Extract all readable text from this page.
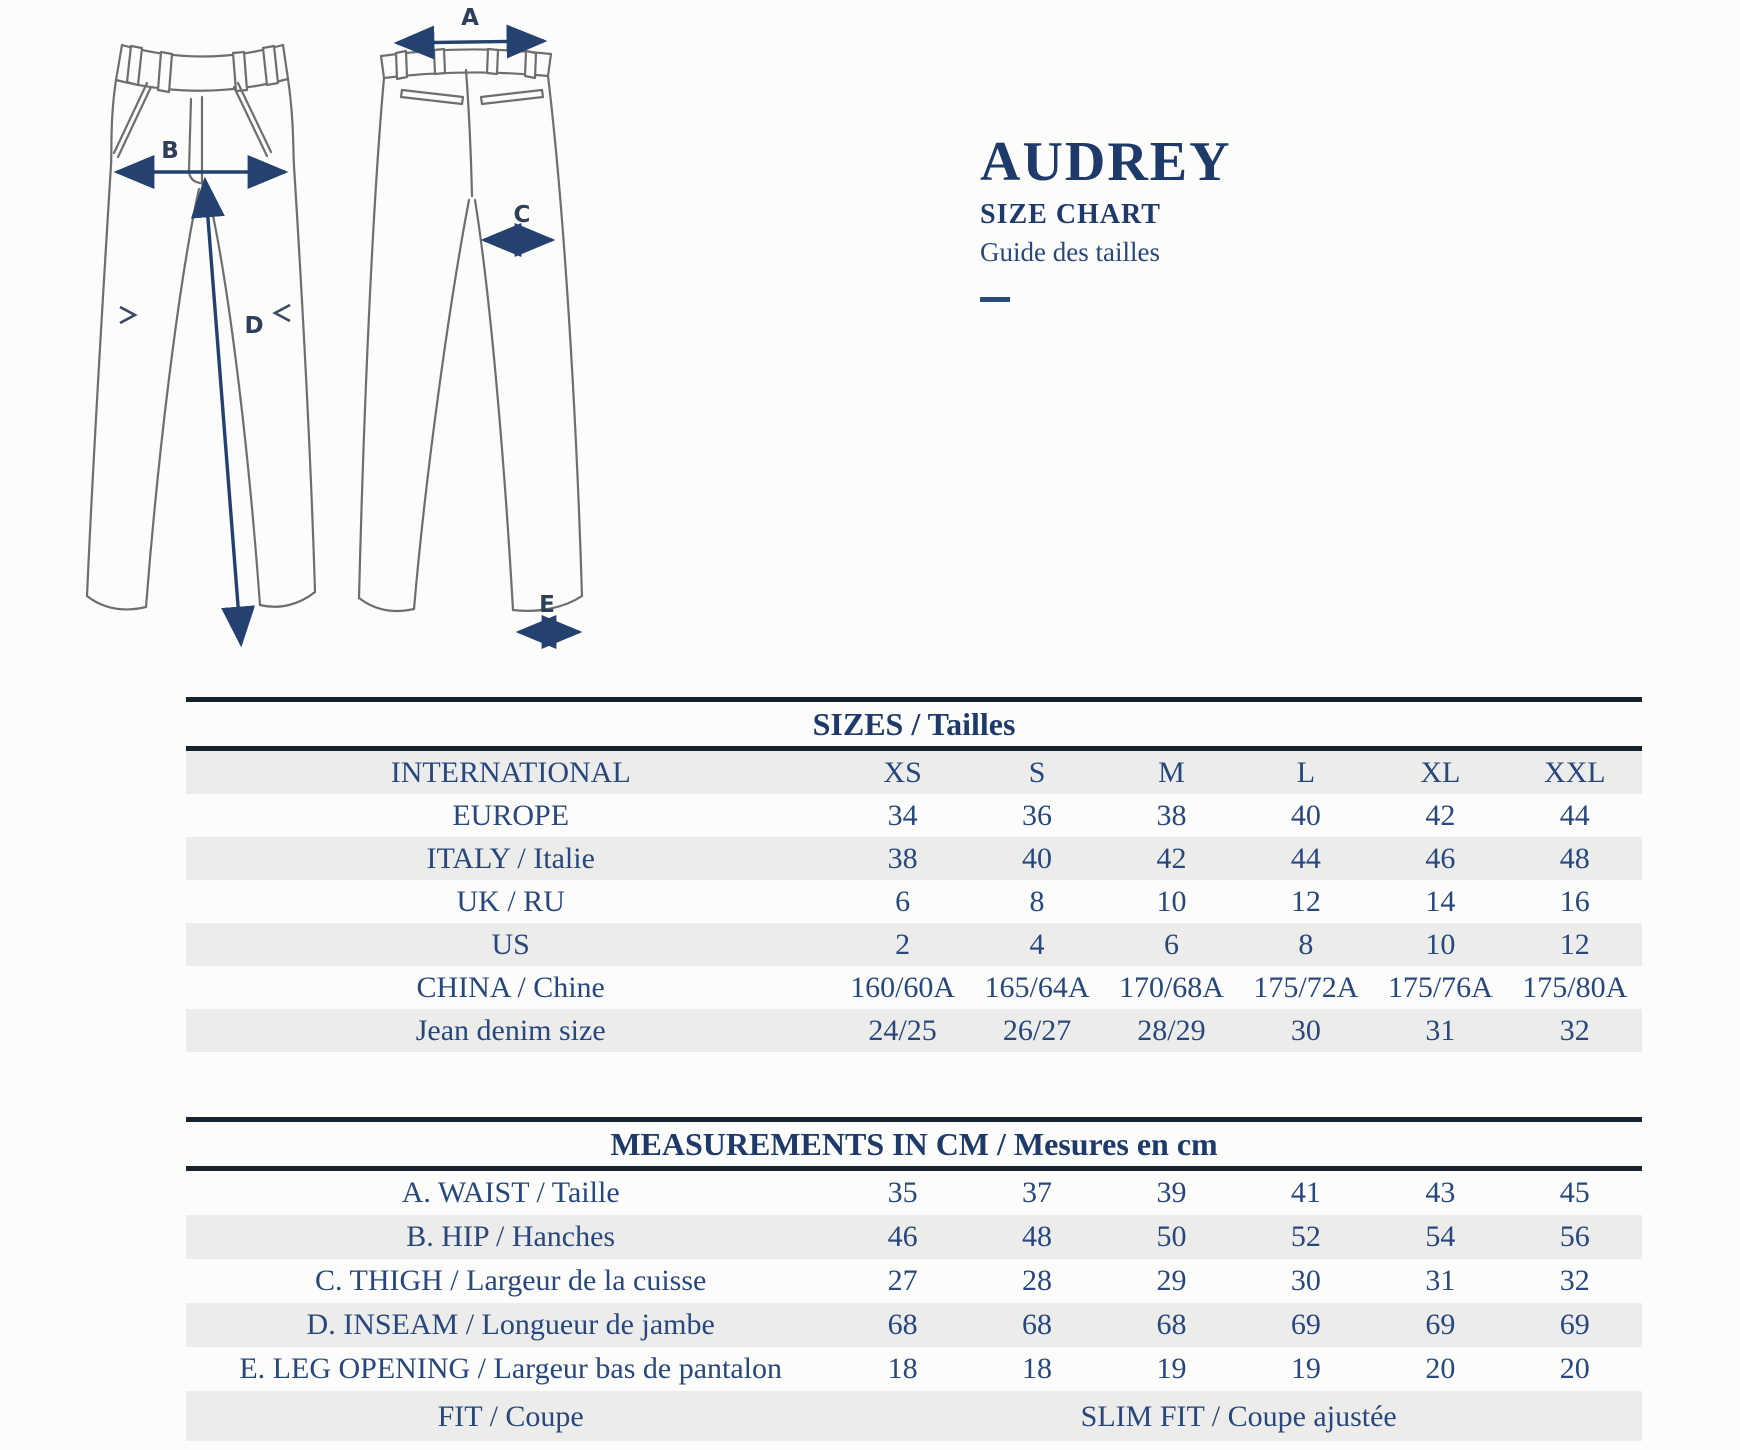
A
B
C
D
E
AUDREY
SIZE CHART
Guide des tailles
SIZES / Tailles
INTERNATIONAL	XS	S	M	L	XL	XXL
EUROPE	34	36	38	40	42	44
ITALY / Italie	38	40	42	44	46	48
UK / RU	6	8	10	12	14	16
US	2	4	6	8	10	12
CHINA / Chine	160/60A 165/64A 170/68A 175/72A 175/76A 175/80A
Jean denim size	24/25	26/27	28/29	30	31	32
MEASUREMENTS IN CM / Mesures en cm
A. WAIST / Taille	35	37	39	41	43	45
B. HIP / Hanches	46	48	50	52	54	56
C. THIGH / Largeur de la cuisse	27	28	29	30	31	32
D. INSEAM / Longueur de jambe	68	68	68	69	69	69
E. LEG OPENING / Largeur bas de pantalon	18	18	19	19	20	20
FIT / Coupe	SLIM FIT / Coupe ajustée
